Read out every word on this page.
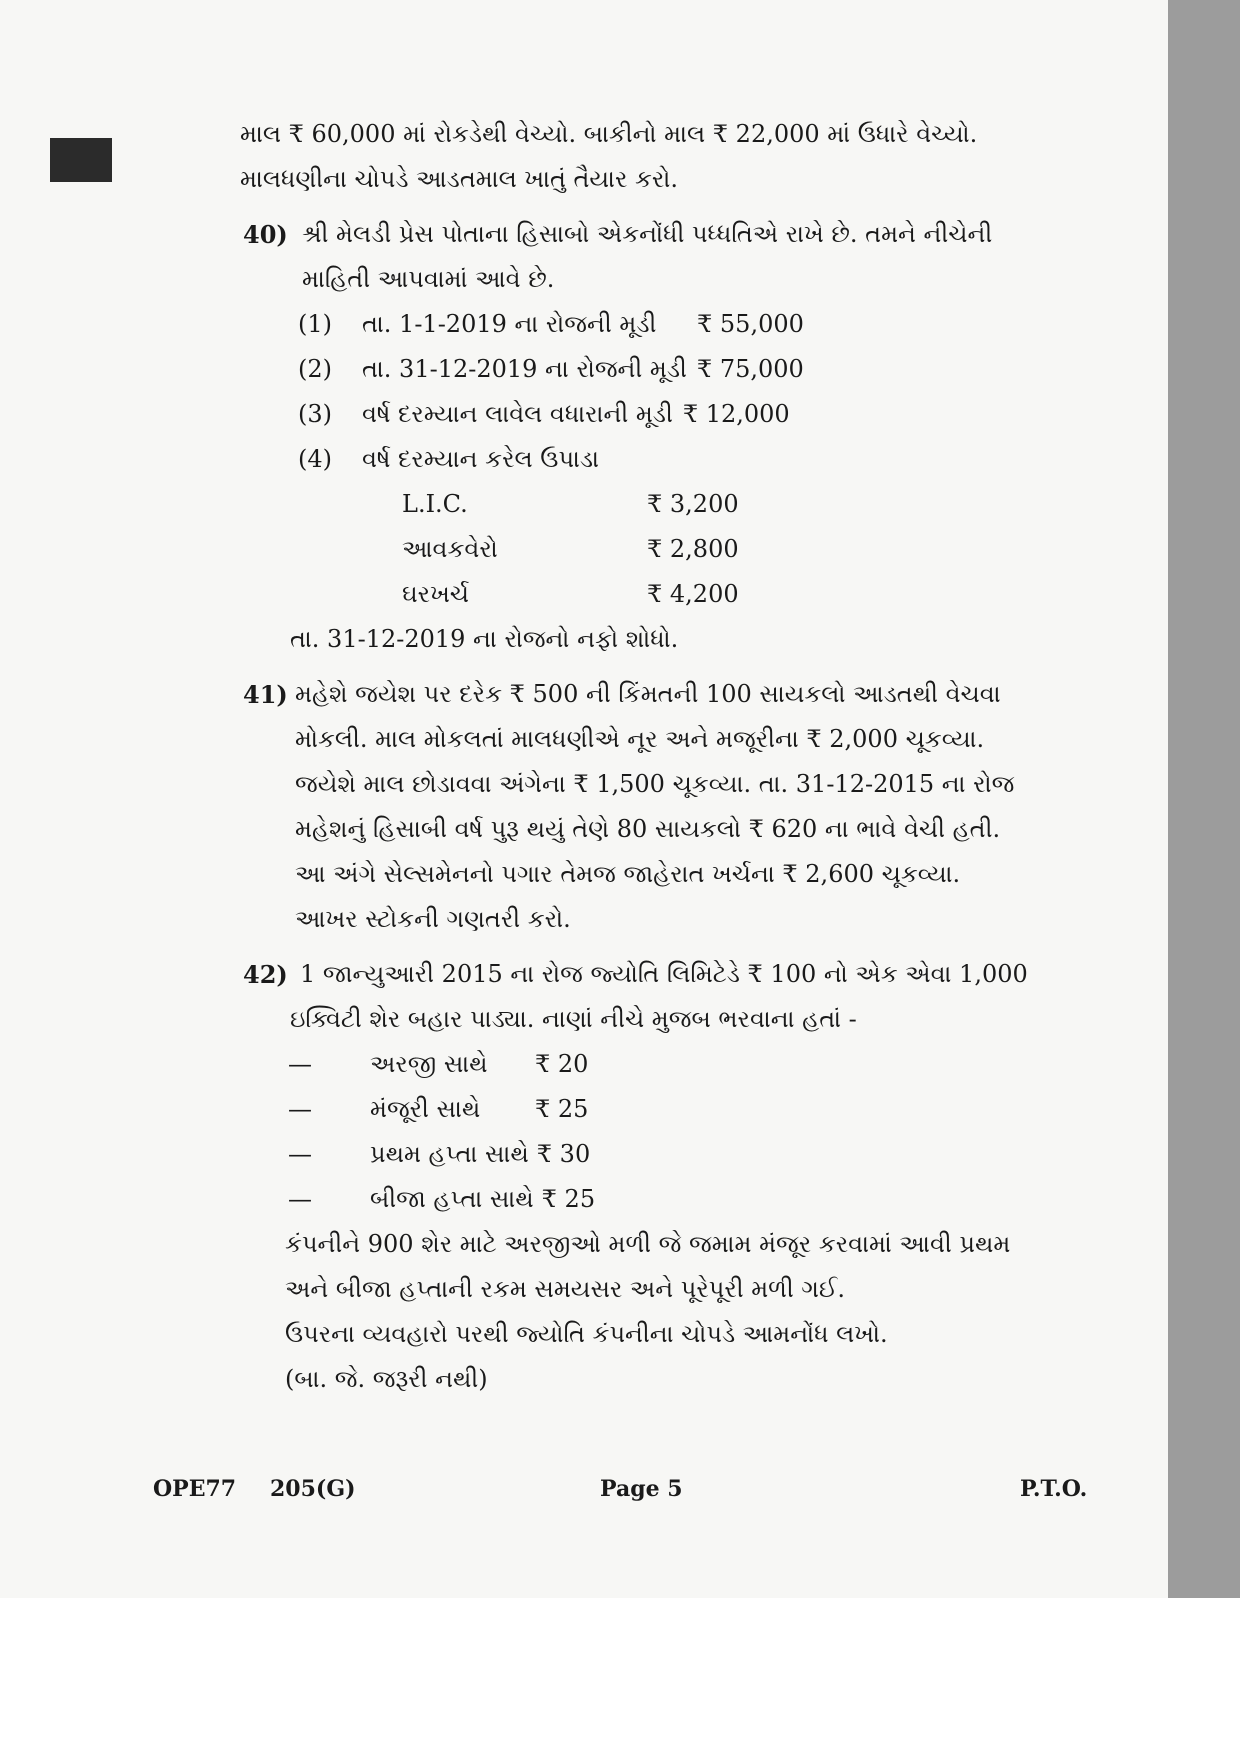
માલ ₹ 60,000 માં રોકડેથી વેચ્યો. બાકીનો માલ ₹ 22,000 માં ઉધારે વેચ્યો.
માલધણીના ચોપડે આડતમાલ ખાતું તૈયાર કરો.
40) શ્રી મેલડી પ્રેસ પોતાના હિસાબો એકનોંધી પધ્ધતિએ રાખે છે. તમને નીચેની
માહિતી આપવામાં આવે છે.
(1)	તા. 1-1-2019 ના રોજની મૂડી	₹ 55,000
(2)	તા. 31-12-2019 ના રોજની મૂડી ₹ 75,000
(3)	વર્ષ દરમ્યાન લાવેલ વધારાની મૂડી ₹ 12,000
(4)	વર્ષ દરમ્યાન કરેલ ઉપાડા
L.I.C.	₹ 3,200
આવકવેરો	₹ 2,800
ઘરખર્ચ	₹ 4,200
તા. 31-12-2019 ના રોજનો નફો શોધો.
41) મહેશે જયેશ પર દરેક ₹ 500 ની કિંમતની 100 સાયકલો આડતથી વેચવા
મોકલી. માલ મોકલતાં માલધણીએ નૂર અને મજૂરીના ₹ 2,000 ચૂકવ્યા.
જયેશે માલ છોડાવવા અંગેના ₹ 1,500 ચૂકવ્યા. તા. 31-12-2015 ના રોજ
મહેશનું હિસાબી વર્ષ પુરૂ થયું તેણે 80 સાયકલો ₹ 620 ના ભાવે વેચી હતી.
આ અંગે સેલ્સમેનનો પગાર તેમજ જાહેરાત ખર્ચના ₹ 2,600 ચૂકવ્યા.
આખર સ્ટોકની ગણતરી કરો.
42) 1 જાન્યુઆરી 2015 ના રોજ જ્યોતિ લિમિટેડે ₹ 100 નો એક એવા 1,000
ઇક્વિટી શેર બહાર પાડ્યા. નાણાં નીચે મુજબ ભરવાના હતાં -
—	અરજી સાથે	₹ 20
—	મંજૂરી સાથે	₹ 25
—	પ્રથમ હપ્તા સાથે ₹ 30
—	બીજા હપ્તા સાથે ₹ 25
કંપનીને 900 શેર માટે અરજીઓ મળી જે જમામ મંજૂર કરવામાં આવી પ્રથમ
અને બીજા હપ્તાની રકમ સમયસર અને પૂરેપૂરી મળી ગઈ.
ઉપરના વ્યવહારો પરથી જ્યોતિ કંપનીના ચોપડે આમનોંધ લખો.
(બા. જે. જરૂરી નથી)
OPE77 205(G)	Page 5	P.T.O.
